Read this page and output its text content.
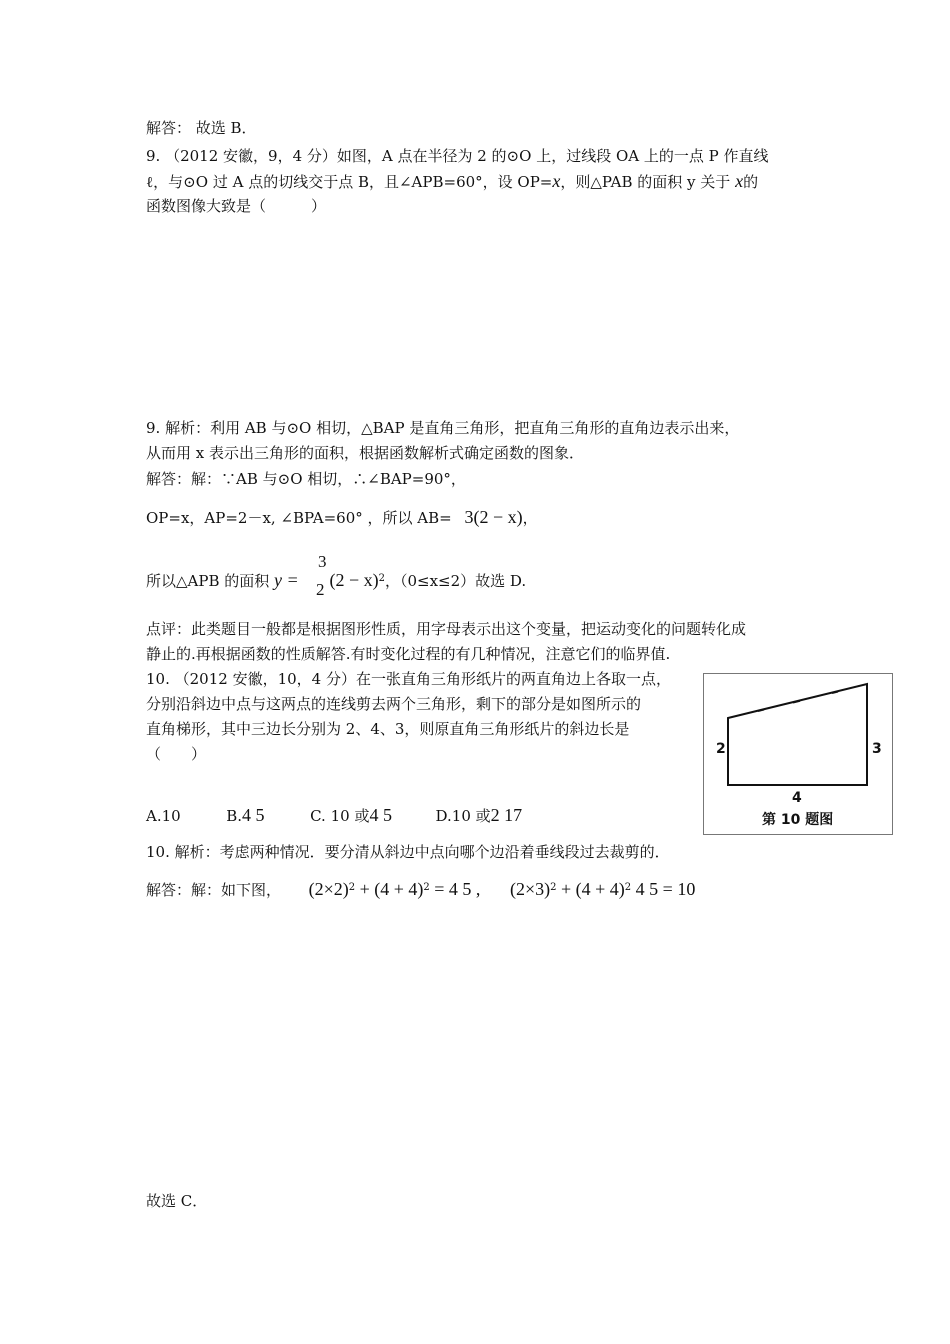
解答： 故选 B．
9. （2012 安徽，9，4 分）如图，A 点在半径为 2 的⊙O 上，过线段 OA 上的一点 P 作直线
ℓ，与⊙O 过 A 点的切线交于点 B，且∠APB=60°，设 OP=x，则△PAB 的面积 y 关于 x的
函数图像大致是（　　　）
9. 解析：利用 AB 与⊙O 相切，△BAP 是直角三角形，把直角三角形的直角边表示出来，
从而用 x 表示出三角形的面积，根据函数解析式确定函数的图象．
解答：解：∵AB 与⊙O 相切，∴∠BAP=90°，
OP=x，AP=2－x, ∠BPA=60° ，所以 AB= 3(2 − x)，
所以△APB 的面积 $y = (2 - x)^2$，（0≤x≤2）故选 D.
3
2
点评：此类题目一般都是根据图形性质，用字母表示出这个变量，把运动变化的问题转化成
静止的.再根据函数的性质解答.有时变化过程的有几种情况，注意它们的临界值.
10. （2012 安徽，10，4 分）在一张直角三角形纸片的两直角边上各取一点，
分别沿斜边中点与这两点的连线剪去两个三角形，剩下的部分是如图所示的
直角梯形，其中三边长分别为 2、4、3，则原直角三角形纸片的斜边长是
（　　）
A.10	B.4 5	C. 10 或4 5	D.10 或2 17
2	3
4
第 10 题图
10. 解析：考虑两种情况．要分清从斜边中点向哪个边沿着垂线段过去裁剪的．
解答：解：如下图， $(2\times 2)^2 + (4 + 4)^2 = 4$ 5 , $(2\times 3)^2 + (4 + 4)^2$ 4 5 = 10
故选 C．
